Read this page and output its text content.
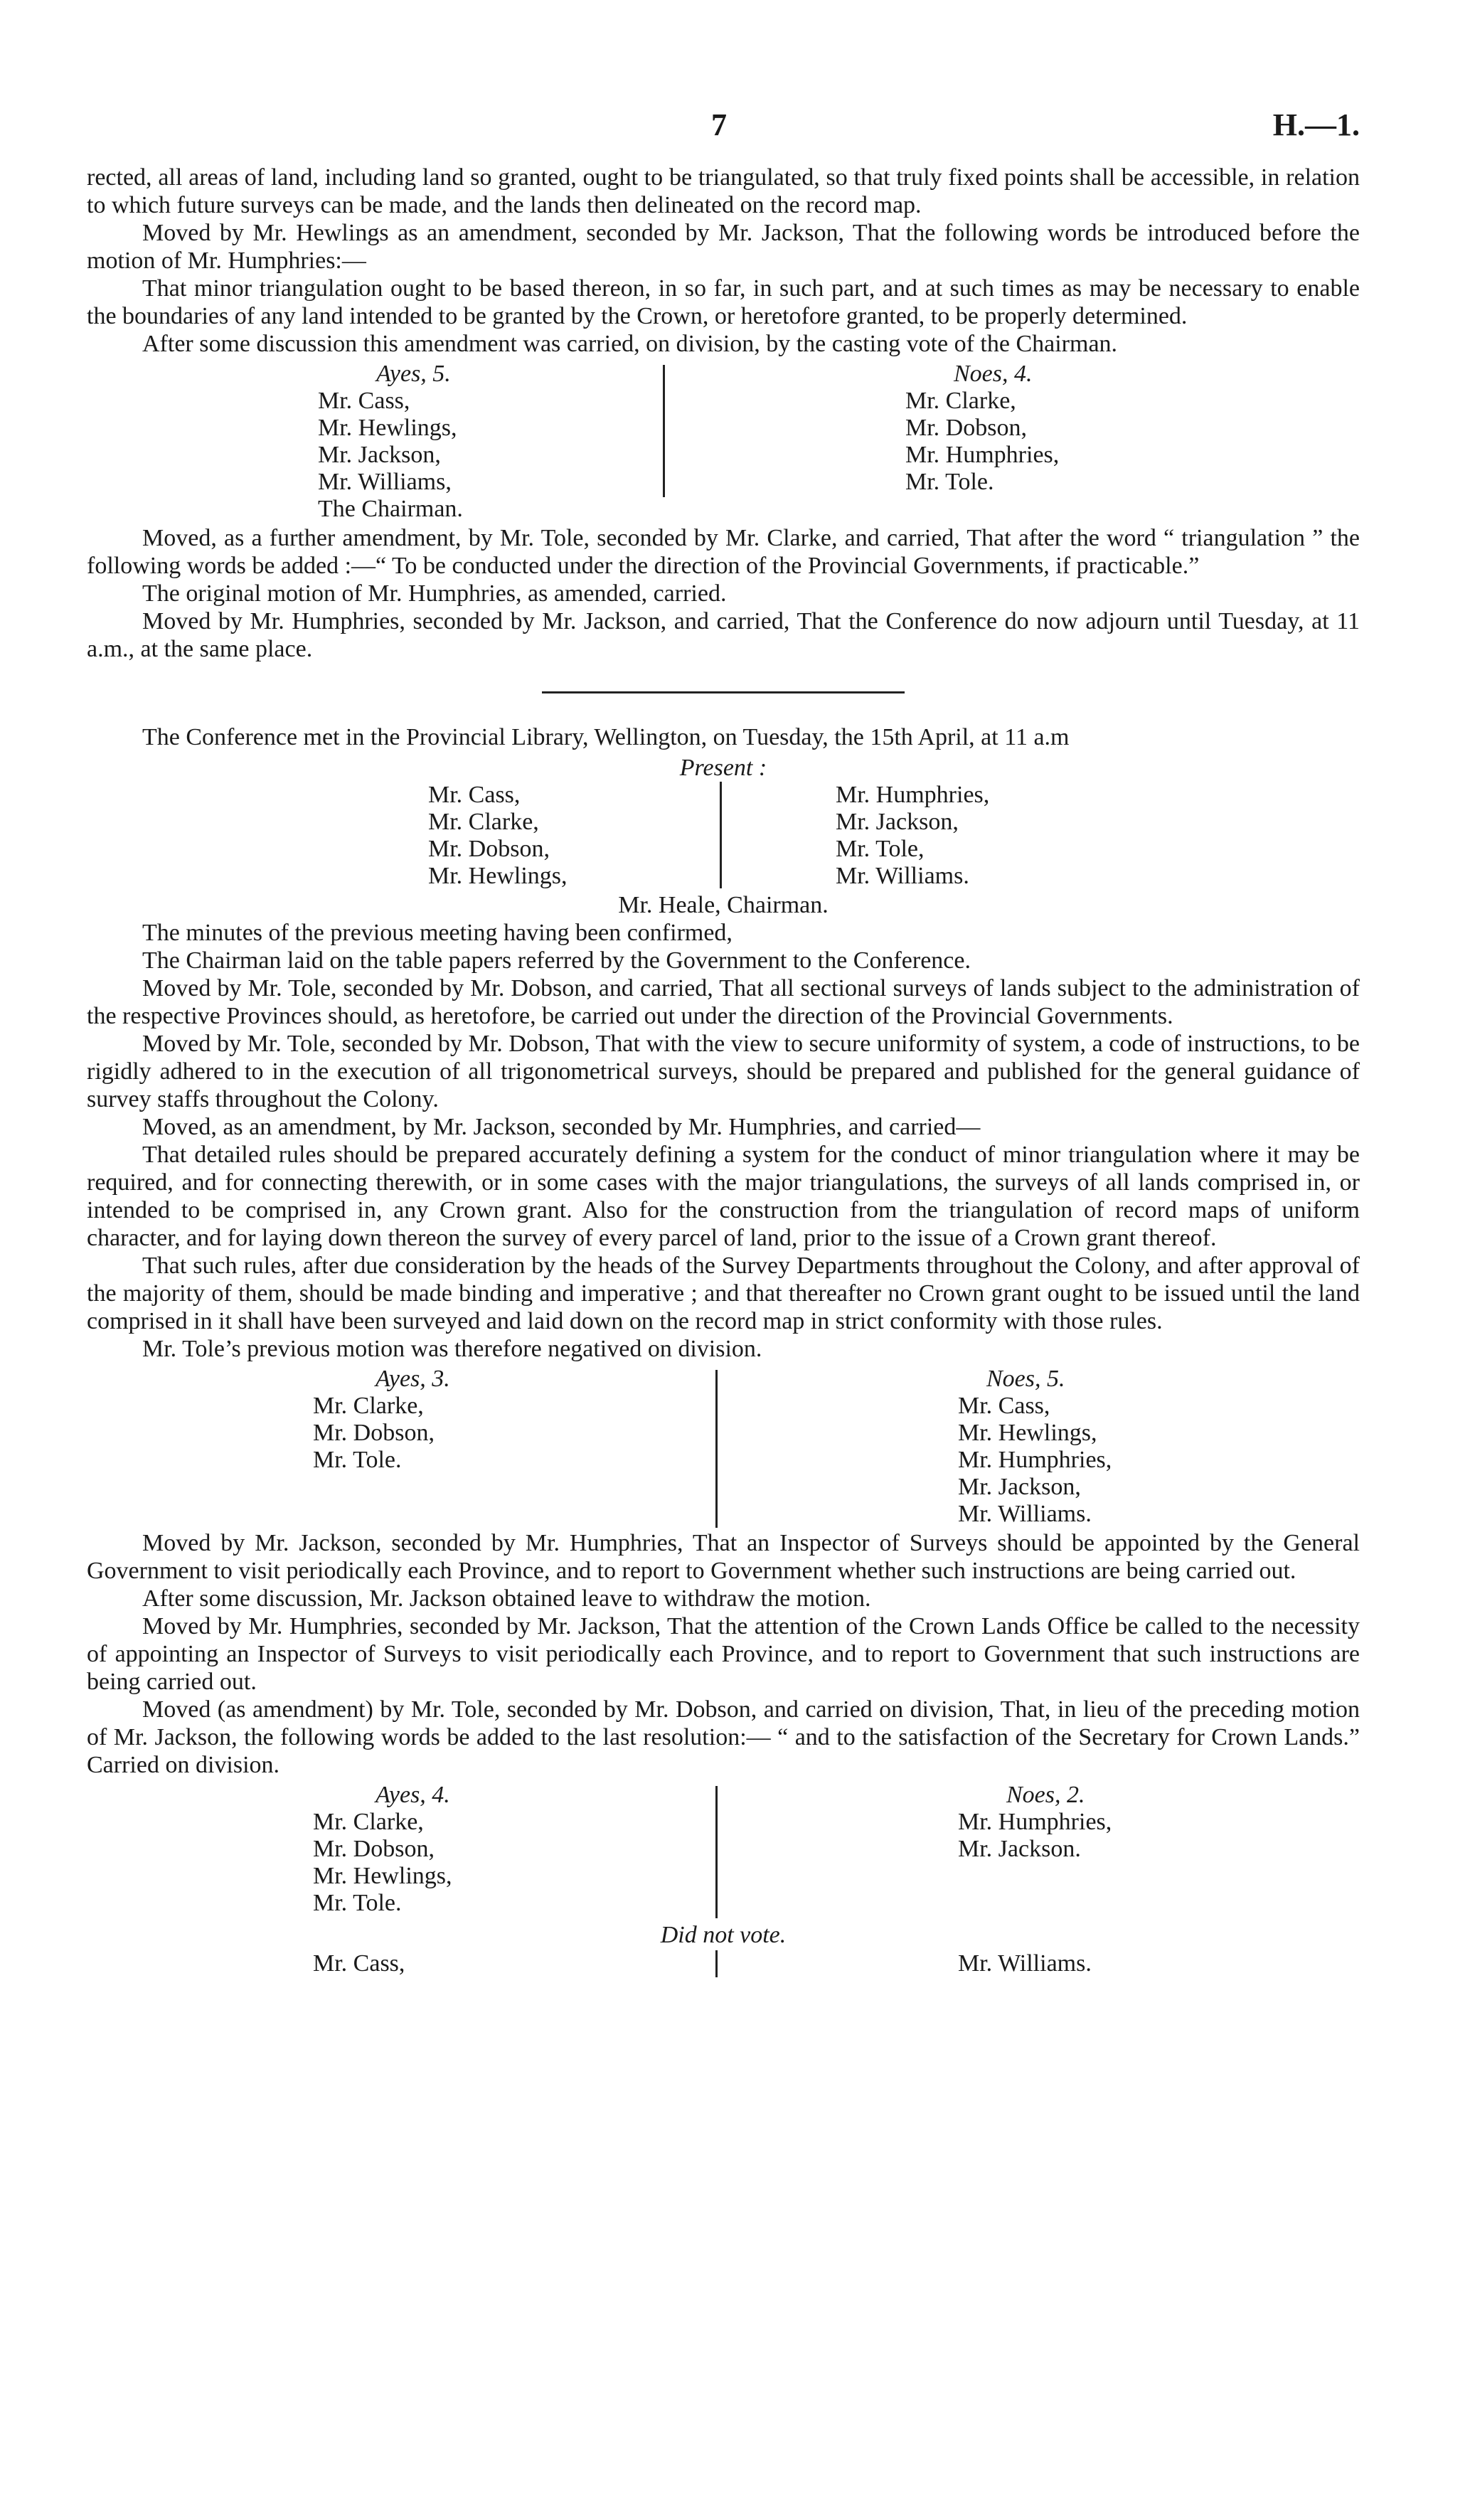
7	H.—1.

rected, all areas of land, including land so granted, ought to be triangulated, so that truly fixed points shall be accessible, in relation to which future surveys can be made, and the lands then delineated on the record map.

Moved by Mr. Hewlings as an amendment, seconded by Mr. Jackson, That the following words be introduced before the motion of Mr. Humphries:—

That minor triangulation ought to be based thereon, in so far, in such part, and at such times as may be necessary to enable the boundaries of any land intended to be granted by the Crown, or heretofore granted, to be properly determined.

After some discussion this amendment was carried, on division, by the casting vote of the Chairman.

Ayes, 5.
Mr. Cass,
Mr. Hewlings,
Mr. Jackson,
Mr. Williams,
The Chairman.
Noes, 4.
Mr. Clarke,
Mr. Dobson,
Mr. Humphries,
Mr. Tole.

Moved, as a further amendment, by Mr. Tole, seconded by Mr. Clarke, and carried, That after the word “ triangulation ” the following words be added :—“ To be conducted under the direction of the Provincial Governments, if practicable.”

The original motion of Mr. Humphries, as amended, carried.

Moved by Mr. Humphries, seconded by Mr. Jackson, and carried, That the Conference do now adjourn until Tuesday, at 11 a.m., at the same place.

The Conference met in the Provincial Library, Wellington, on Tuesday, the 15th April, at 11 a.m

Present :
Mr. Cass,
Mr. Clarke,
Mr. Dobson,
Mr. Hewlings,
Mr. Humphries,
Mr. Jackson,
Mr. Tole,
Mr. Williams.
Mr. Heale, Chairman.

The minutes of the previous meeting having been confirmed,

The Chairman laid on the table papers referred by the Government to the Conference.

Moved by Mr. Tole, seconded by Mr. Dobson, and carried, That all sectional surveys of lands subject to the administration of the respective Provinces should, as heretofore, be carried out under the direction of the Provincial Governments.

Moved by Mr. Tole, seconded by Mr. Dobson, That with the view to secure uniformity of system, a code of instructions, to be rigidly adhered to in the execution of all trigonometrical surveys, should be prepared and published for the general guidance of survey staffs throughout the Colony.

Moved, as an amendment, by Mr. Jackson, seconded by Mr. Humphries, and carried—

That detailed rules should be prepared accurately defining a system for the conduct of minor triangulation where it may be required, and for connecting therewith, or in some cases with the major triangulations, the surveys of all lands comprised in, or intended to be comprised in, any Crown grant. Also for the construction from the triangulation of record maps of uniform character, and for laying down thereon the survey of every parcel of land, prior to the issue of a Crown grant thereof.

That such rules, after due consideration by the heads of the Survey Departments throughout the Colony, and after approval of the majority of them, should be made binding and imperative ; and that thereafter no Crown grant ought to be issued until the land comprised in it shall have been surveyed and laid down on the record map in strict conformity with those rules.

Mr. Tole’s previous motion was therefore negatived on division.

Ayes, 3.
Mr. Clarke,
Mr. Dobson,
Mr. Tole.
Noes, 5.
Mr. Cass,
Mr. Hewlings,
Mr. Humphries,
Mr. Jackson,
Mr. Williams.

Moved by Mr. Jackson, seconded by Mr. Humphries, That an Inspector of Surveys should be appointed by the General Government to visit periodically each Province, and to report to Government whether such instructions are being carried out.

After some discussion, Mr. Jackson obtained leave to withdraw the motion.

Moved by Mr. Humphries, seconded by Mr. Jackson, That the attention of the Crown Lands Office be called to the necessity of appointing an Inspector of Surveys to visit periodically each Province, and to report to Government that such instructions are being carried out.

Moved (as amendment) by Mr. Tole, seconded by Mr. Dobson, and carried on division, That, in lieu of the preceding motion of Mr. Jackson, the following words be added to the last resolution:— “ and to the satisfaction of the Secretary for Crown Lands.” Carried on division.

Ayes, 4.
Mr. Clarke,
Mr. Dobson,
Mr. Hewlings,
Mr. Tole.
Noes, 2.
Mr. Humphries,
Mr. Jackson.
Did not vote.
Mr. Cass,	Mr. Williams.
